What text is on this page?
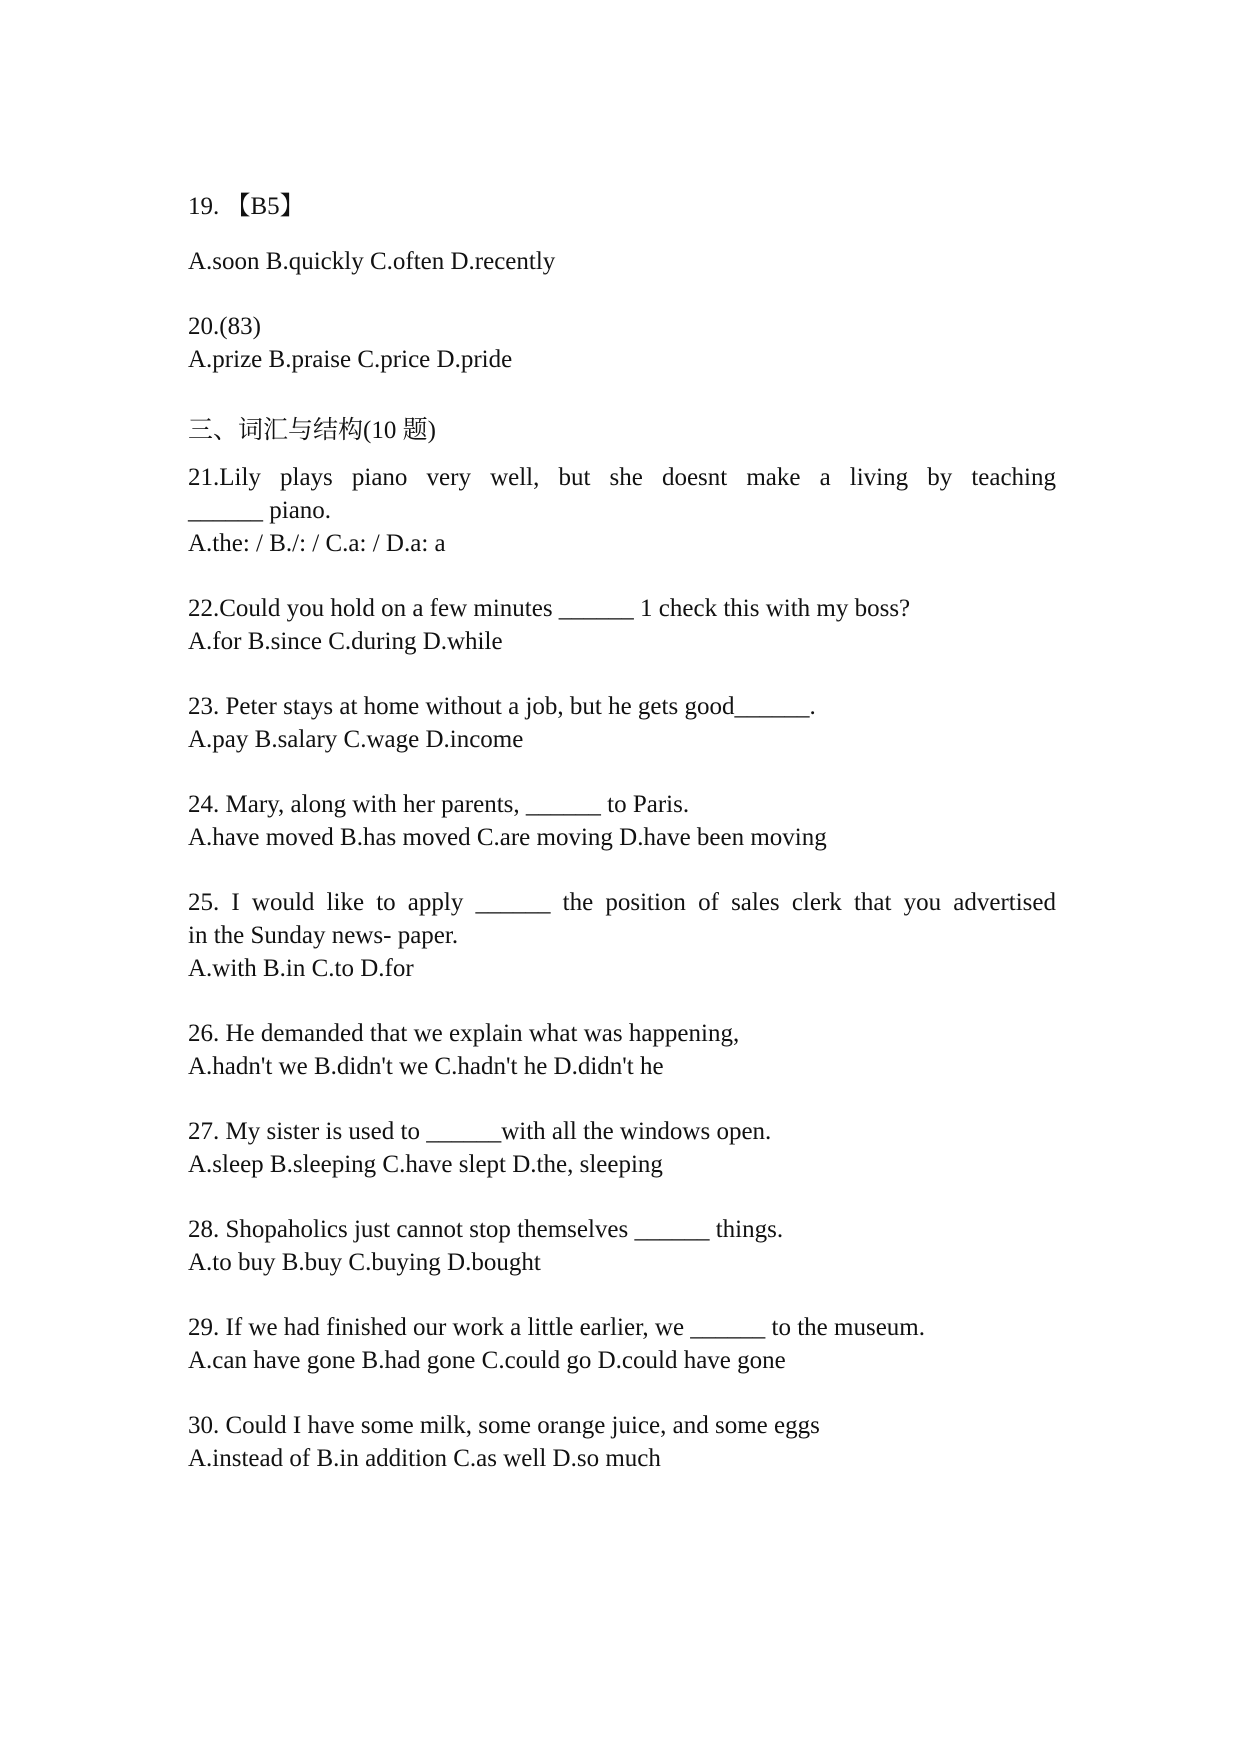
19. 【B5】
A.soon B.quickly C.often D.recently
20.(83)
A.prize B.praise C.price D.pride
三、词汇与结构(10 题)
21.Lily plays piano very well, but she doesnt make a living by teaching
______ piano.
A.the: / B./: / C.a: / D.a: a
22.Could you hold on a few minutes ______ 1 check this with my boss?
A.for B.since C.during D.while
23. Peter stays at home without a job, but he gets good______.
A.pay B.salary C.wage D.income
24. Mary, along with her parents, ______ to Paris.
A.have moved B.has moved C.are moving D.have been moving
25. I would like to apply ______ the position of sales clerk that you advertised
in the Sunday news- paper.
A.with B.in C.to D.for
26. He demanded that we explain what was happening,
A.hadn't we B.didn't we C.hadn't he D.didn't he
27. My sister is used to ______with all the windows open.
A.sleep B.sleeping C.have slept D.the, sleeping
28. Shopaholics just cannot stop themselves ______ things.
A.to buy B.buy C.buying D.bought
29. If we had finished our work a little earlier, we ______ to the museum.
A.can have gone B.had gone C.could go D.could have gone
30. Could I have some milk, some orange juice, and some eggs
A.instead of B.in addition C.as well D.so much
